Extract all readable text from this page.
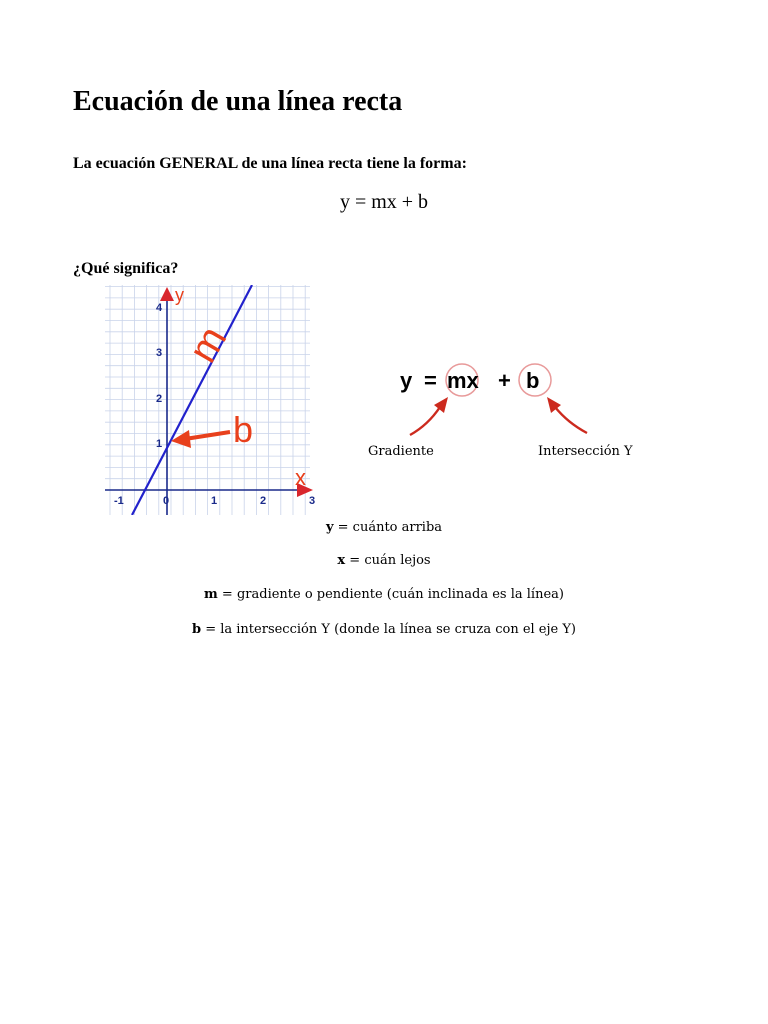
Ecuación de una línea recta

La ecuación GENERAL de una línea recta tiene la forma:

y = mx + b

¿Qué significa?

x
y
-1	0	1	2	3
1
2
3
4
m
b
y = mx + b

Gradiente	Intersección Y

y = cuánto arriba

x = cuán lejos

m = gradiente o pendiente (cuán inclinada es la línea)

b = la intersección Y (donde la línea se cruza con el eje Y)
